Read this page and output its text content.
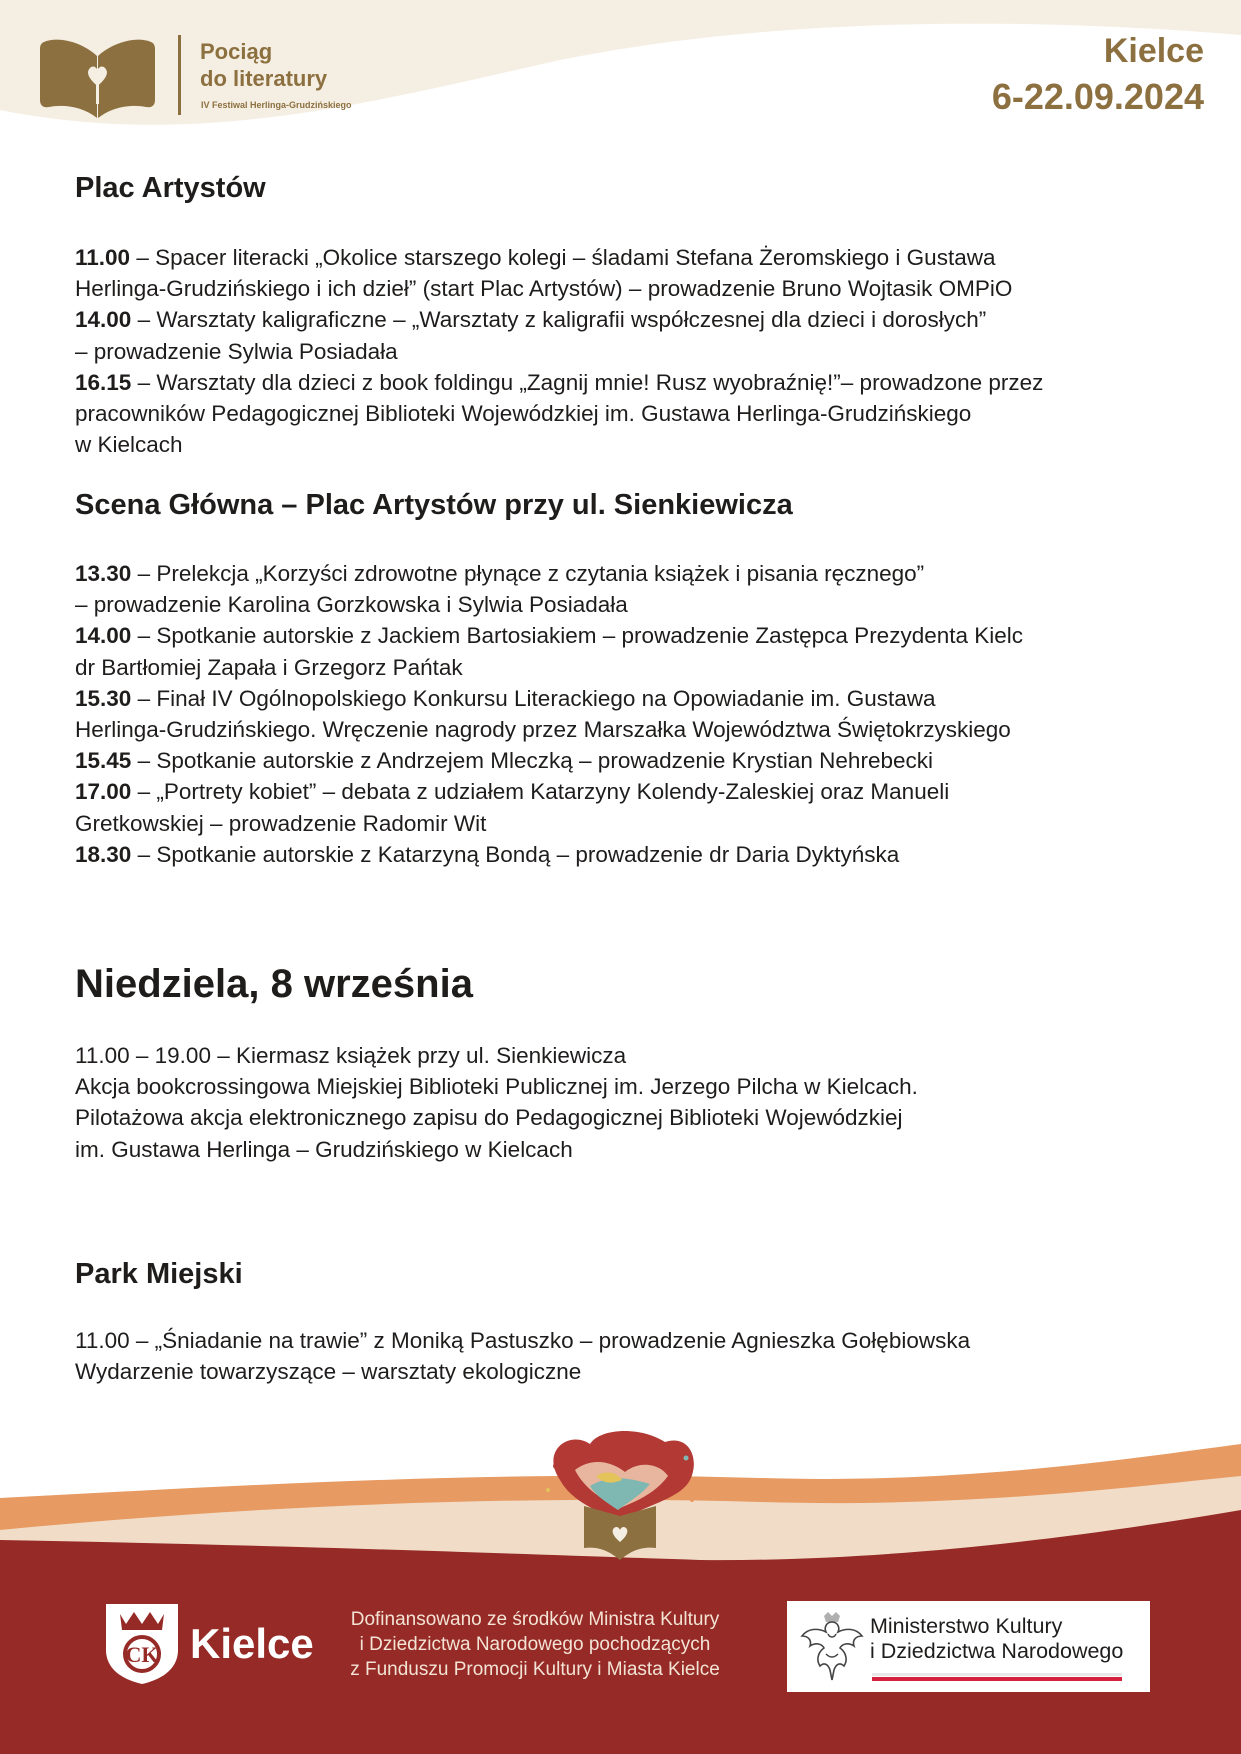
Pociąg
do literatury
IV Festiwal Herlinga-Grudzińskiego
Kielce
6-22.09.2024
Plac Artystów

11.00 – Spacer literacki „Okolice starszego kolegi – śladami Stefana Żeromskiego i Gustawa

Herlinga-Grudzińskiego i ich dzieł” (start Plac Artystów) – prowadzenie Bruno Wojtasik OMPiO

14.00 – Warsztaty kaligraficzne – „Warsztaty z kaligrafii współczesnej dla dzieci i dorosłych”

– prowadzenie Sylwia Posiadała

16.15 – Warsztaty dla dzieci z book foldingu „Zagnij mnie! Rusz wyobraźnię!”– prowadzone przez

pracowników Pedagogicznej Biblioteki Wojewódzkiej im. Gustawa Herlinga-Grudzińskiego

w Kielcach

Scena Główna – Plac Artystów przy ul. Sienkiewicza

13.30 – Prelekcja „Korzyści zdrowotne płynące z czytania książek i pisania ręcznego”

– prowadzenie Karolina Gorzkowska i Sylwia Posiadała

14.00 – Spotkanie autorskie z Jackiem Bartosiakiem – prowadzenie Zastępca Prezydenta Kielc

dr Bartłomiej Zapała i Grzegorz Pańtak

15.30 – Finał IV Ogólnopolskiego Konkursu Literackiego na Opowiadanie im. Gustawa

Herlinga-Grudzińskiego. Wręczenie nagrody przez Marszałka Województwa Świętokrzyskiego

15.45 – Spotkanie autorskie z Andrzejem Mleczką – prowadzenie Krystian Nehrebecki

17.00 – „Portrety kobiet” – debata z udziałem Katarzyny Kolendy-Zaleskiej oraz Manueli

Gretkowskiej – prowadzenie Radomir Wit

18.30 – Spotkanie autorskie z Katarzyną Bondą – prowadzenie dr Daria Dyktyńska

Niedziela, 8 września

11.00 – 19.00 – Kiermasz książek przy ul. Sienkiewicza

Akcja bookcrossingowa Miejskiej Biblioteki Publicznej im. Jerzego Pilcha w Kielcach.

Pilotażowa akcja elektronicznego zapisu do Pedagogicznej Biblioteki Wojewódzkiej

im. Gustawa Herlinga – Grudzińskiego w Kielcach

Park Miejski

11.00 – „Śniadanie na trawie” z Moniką Pastuszko – prowadzenie Agnieszka Gołębiowska

Wydarzenie towarzyszące – warsztaty ekologiczne

CK Kielce
Dofinansowano ze środków Ministra Kultury
i Dziedzictwa Narodowego pochodzących
z Funduszu Promocji Kultury i Miasta Kielce
Ministerstwo Kultury
i Dziedzictwa Narodowego
